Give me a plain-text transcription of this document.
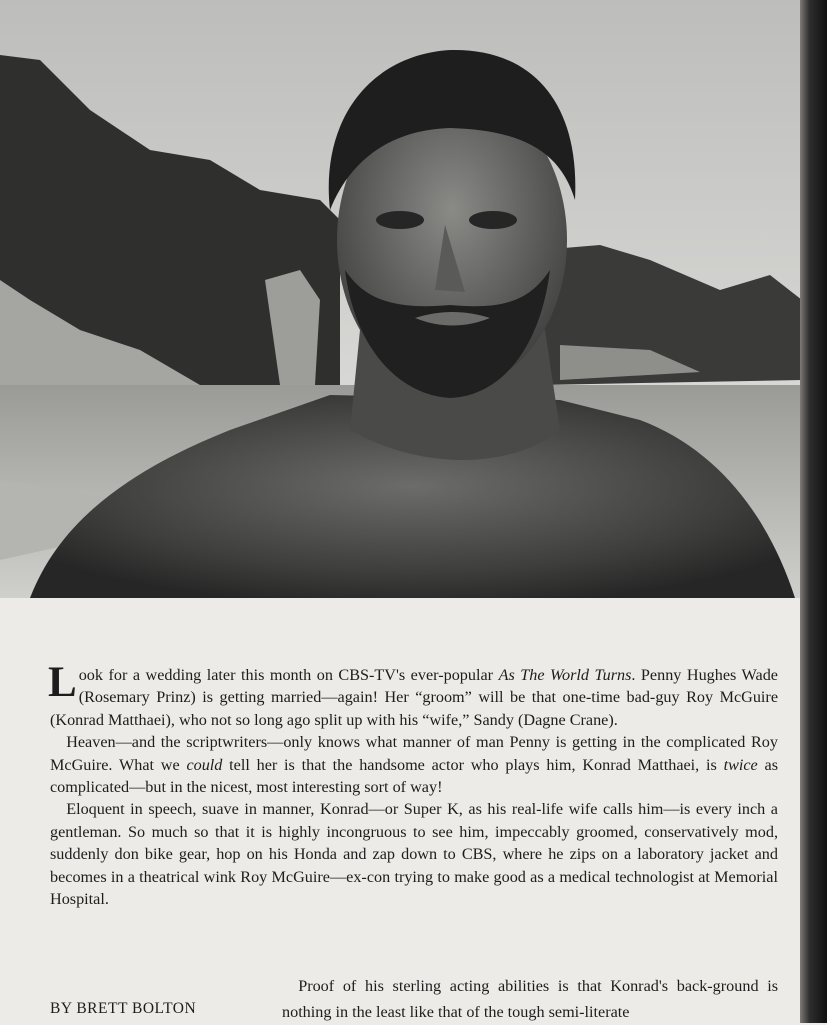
Look for a wedding later this month on CBS-TV's ever-popular As The World Turns. Penny Hughes Wade (Rosemary Prinz) is getting married—again! Her “groom” will be that one-time bad-guy Roy McGuire (Konrad Matthaei), who not so long ago split up with his “wife,” Sandy (Dagne Crane).

 Heaven—and the scriptwriters—only knows what manner of man Penny is getting in the complicated Roy McGuire. What we could tell her is that the handsome actor who plays him, Konrad Matthaei, is twice as complicated—but in the nicest, most interesting sort of way!

 Eloquent in speech, suave in manner, Konrad—or Super K, as his real-life wife calls him—is every inch a gentleman. So much so that it is highly incongruous to see him, impeccably groomed, conservatively mod, suddenly don bike gear, hop on his Honda and zap down to CBS, where he zips on a laboratory jacket and becomes in a theatrical wink Roy McGuire—ex-con trying to make good as a medical technologist at Memorial Hospital.

 Proof of his sterling acting abilities is that Konrad's back-ground is nothing in the least like that of the tough semi-literate
BY BRETT BOLTON
